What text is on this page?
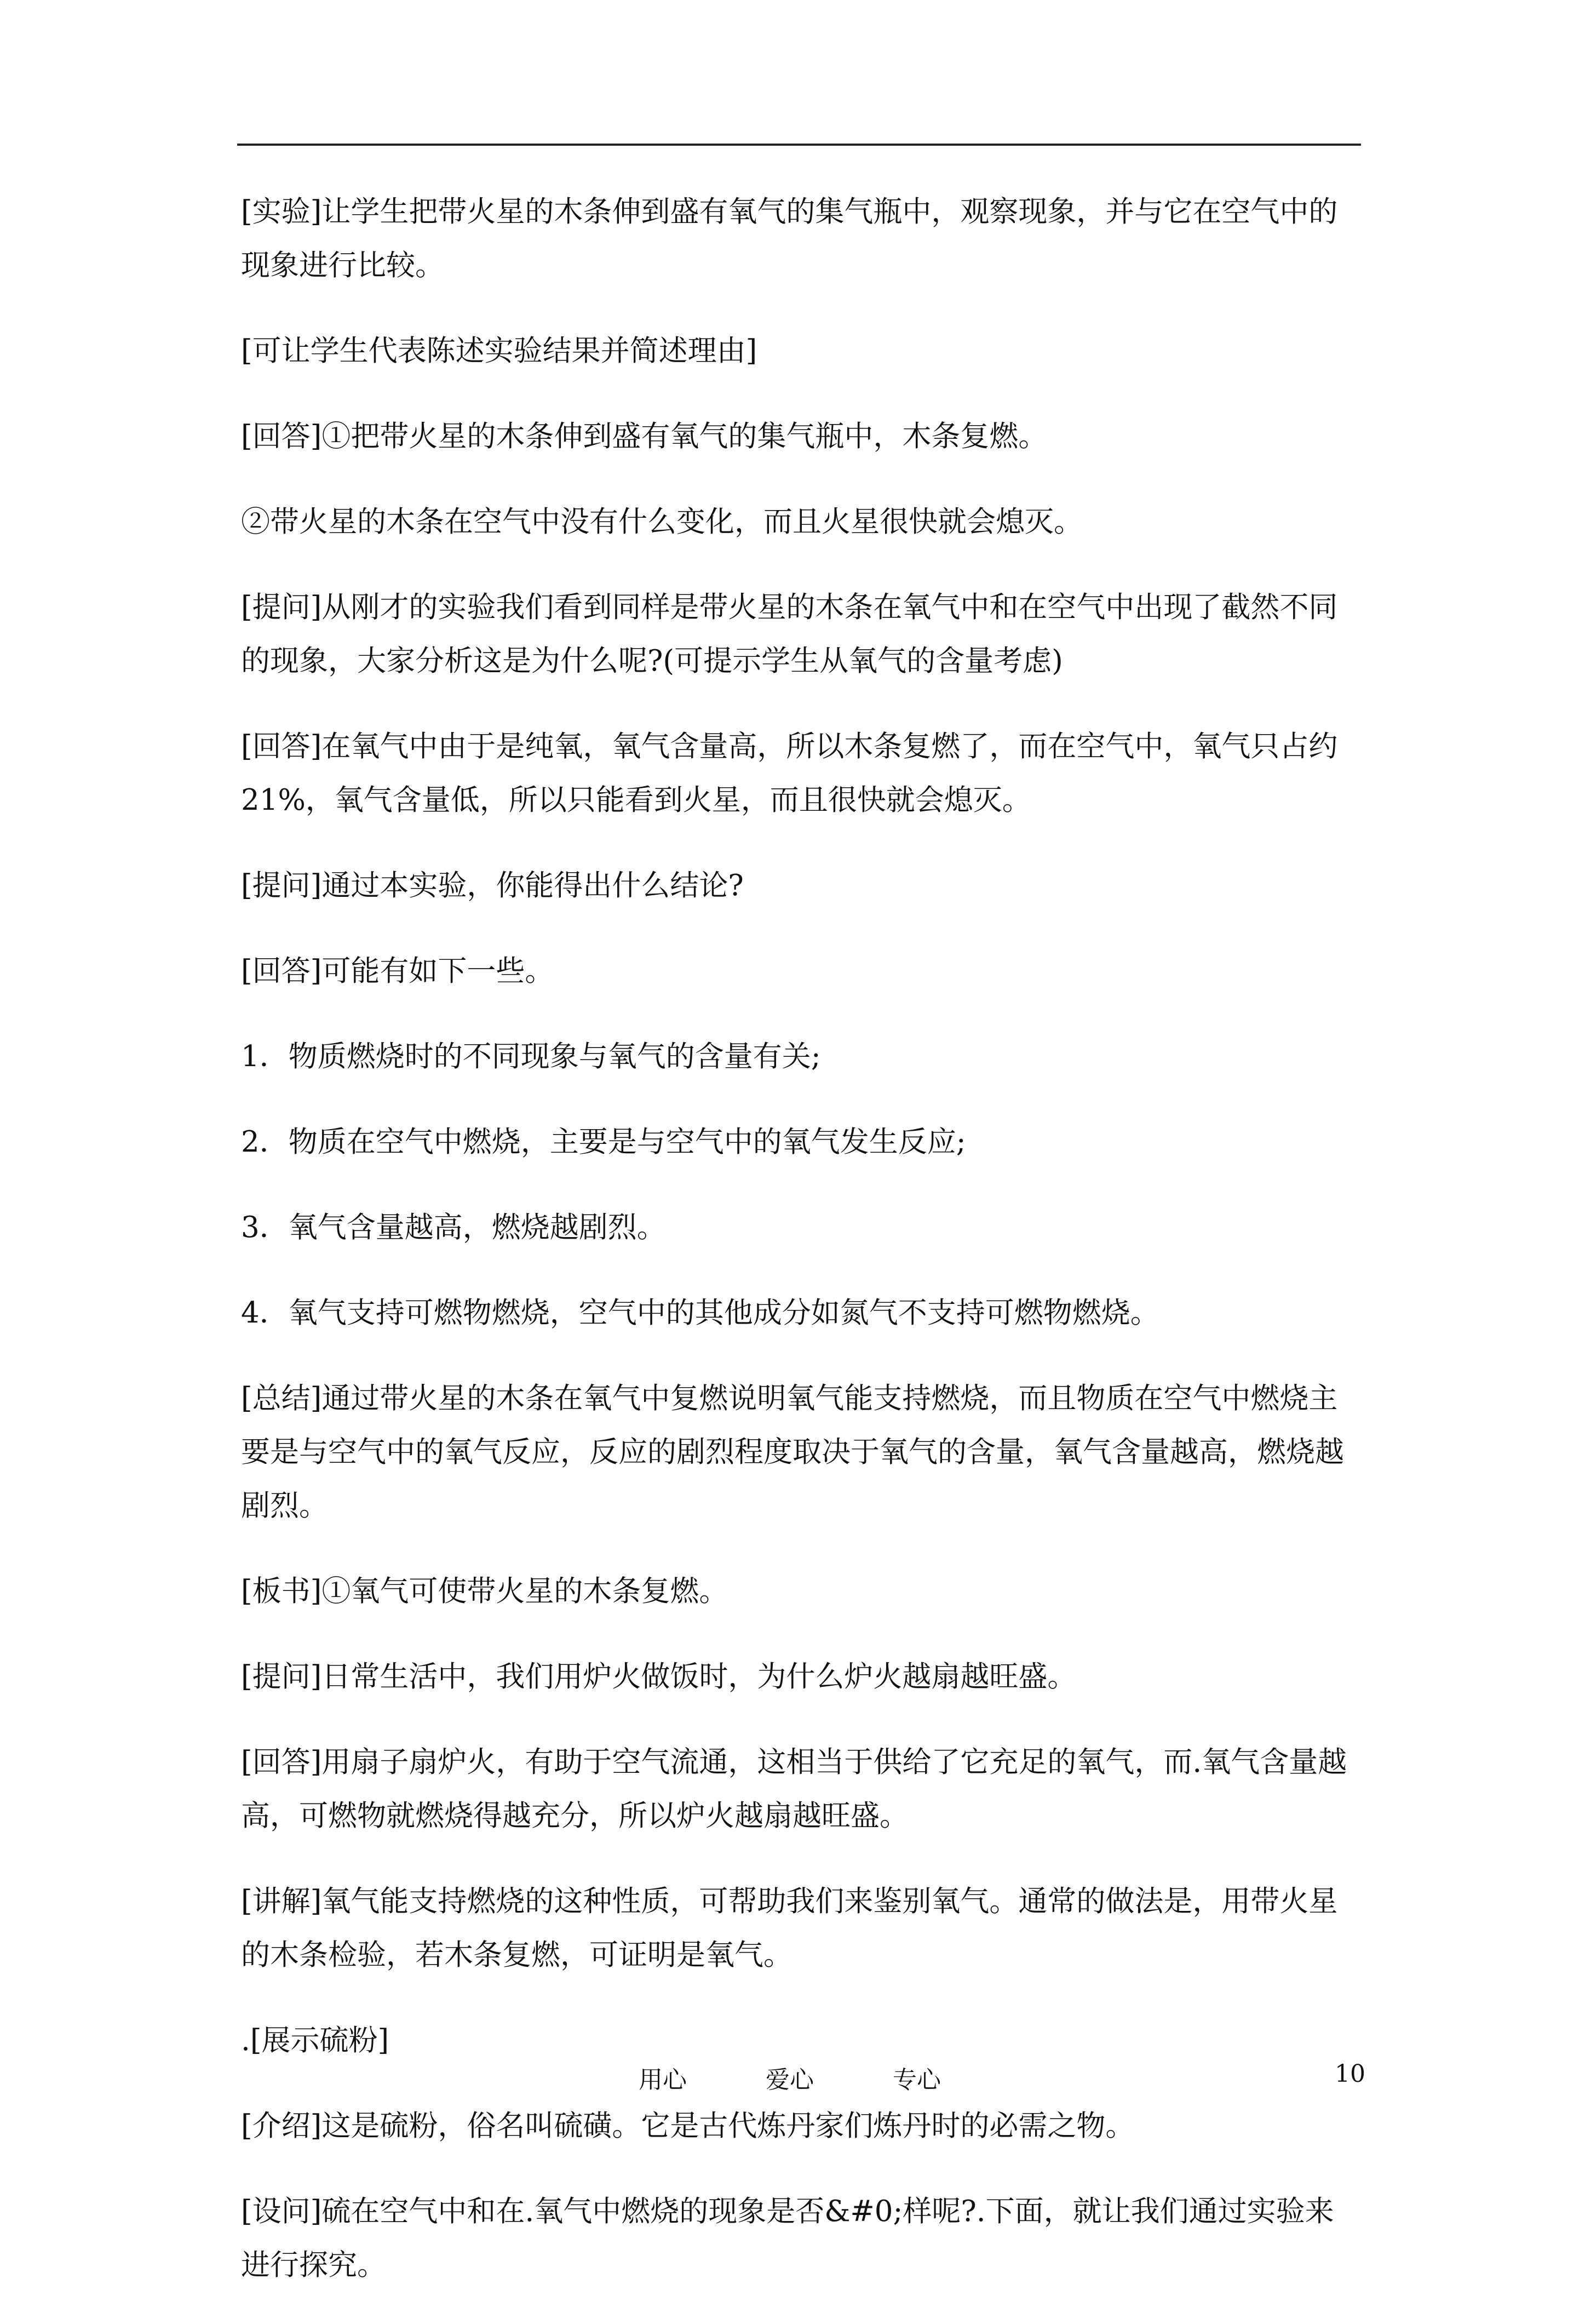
[实验]让学生把带火星的木条伸到盛有氧气的集气瓶中，观察现象，并与它在空气中的现象进行比较。

[可让学生代表陈述实验结果并简述理由]

[回答]①把带火星的木条伸到盛有氧气的集气瓶中，木条复燃。

②带火星的木条在空气中没有什么变化，而且火星很快就会熄灭。

[提问]从刚才的实验我们看到同样是带火星的木条在氧气中和在空气中出现了截然不同的现象，大家分析这是为什么呢?(可提示学生从氧气的含量考虑)

[回答]在氧气中由于是纯氧，氧气含量高，所以木条复燃了，而在空气中，氧气只占约 21%，氧气含量低，所以只能看到火星，而且很快就会熄灭。

[提问]通过本实验，你能得出什么结论?

[回答]可能有如下一些。

1．物质燃烧时的不同现象与氧气的含量有关;

2．物质在空气中燃烧，主要是与空气中的氧气发生反应;

3．氧气含量越高，燃烧越剧烈。

4．氧气支持可燃物燃烧，空气中的其他成分如氮气不支持可燃物燃烧。

[总结]通过带火星的木条在氧气中复燃说明氧气能支持燃烧，而且物质在空气中燃烧主要是与空气中的氧气反应，反应的剧烈程度取决于氧气的含量，氧气含量越高，燃烧越剧烈。

[板书]①氧气可使带火星的木条复燃。

[提问]日常生活中，我们用炉火做饭时，为什么炉火越扇越旺盛。

[回答]用扇子扇炉火，有助于空气流通，这相当于供给了它充足的氧气，而.氧气含量越高，可燃物就燃烧得越充分，所以炉火越扇越旺盛。

[讲解]氧气能支持燃烧的这种性质，可帮助我们来鉴别氧气。通常的做法是，用带火星的木条检验，若木条复燃，可证明是氧气。

.[展示硫粉]

[介绍]这是硫粉，俗名叫硫磺。它是古代炼丹家们炼丹时的必需之物。

[设问]硫在空气中和在.氧气中燃烧的现象是否&#0;样呢?.下面，就让我们通过实验来进行探究。

用心 爱心 专心	10
